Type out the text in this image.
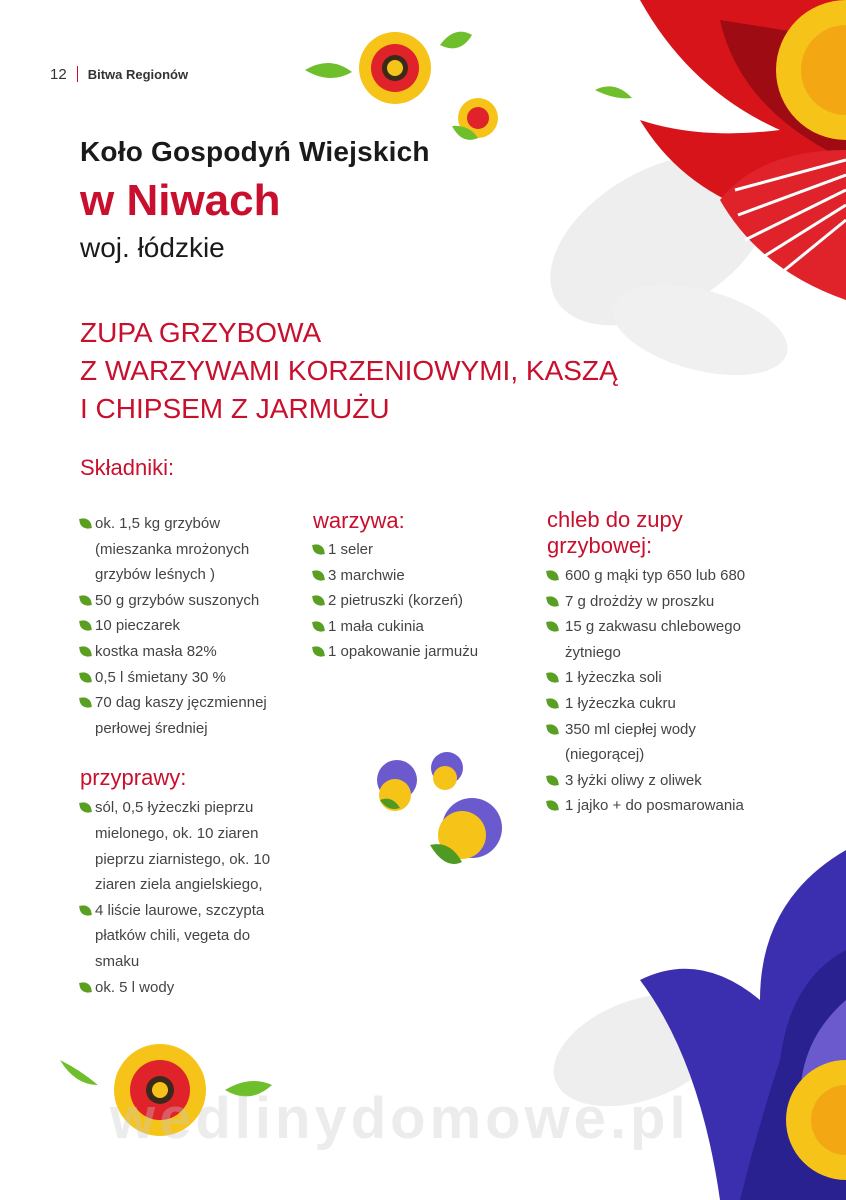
12 Bitwa Regionów
Koło Gospodyń Wiejskich
w Niwach
woj. łódzkie
ZUPA GRZYBOWA
Z WARZYWAMI KORZENIOWYMI, KASZĄ
I CHIPSEM Z JARMUŻU
Składniki:
ok. 1,5 kg grzybów (mieszanka mrożonych grzybów leśnych )
50 g grzybów suszonych
10 pieczarek
kostka masła 82%
0,5 l śmietany 30 %
70 dag kaszy jęczmiennej perłowej średniej
przyprawy:
sól, 0,5 łyżeczki pieprzu mielonego, ok. 10 ziaren pieprzu ziarnistego, ok. 10 ziaren ziela angielskiego,
4 liście laurowe, szczypta płatków chili, vegeta do smaku
ok. 5 l wody
warzywa:
1 seler
3 marchwie
2 pietruszki (korzeń)
1 mała cukinia
1 opakowanie jarmużu
chleb do zupy grzybowej:
600 g mąki typ 650 lub 680
7 g drożdży w proszku
15 g zakwasu chlebowego żytniego
1 łyżeczka soli
1 łyżeczka cukru
350 ml ciepłej wody (niegorącej)
3 łyżki oliwy z oliwek
1 jajko + do posmarowania
wedlinydomowe.pl
